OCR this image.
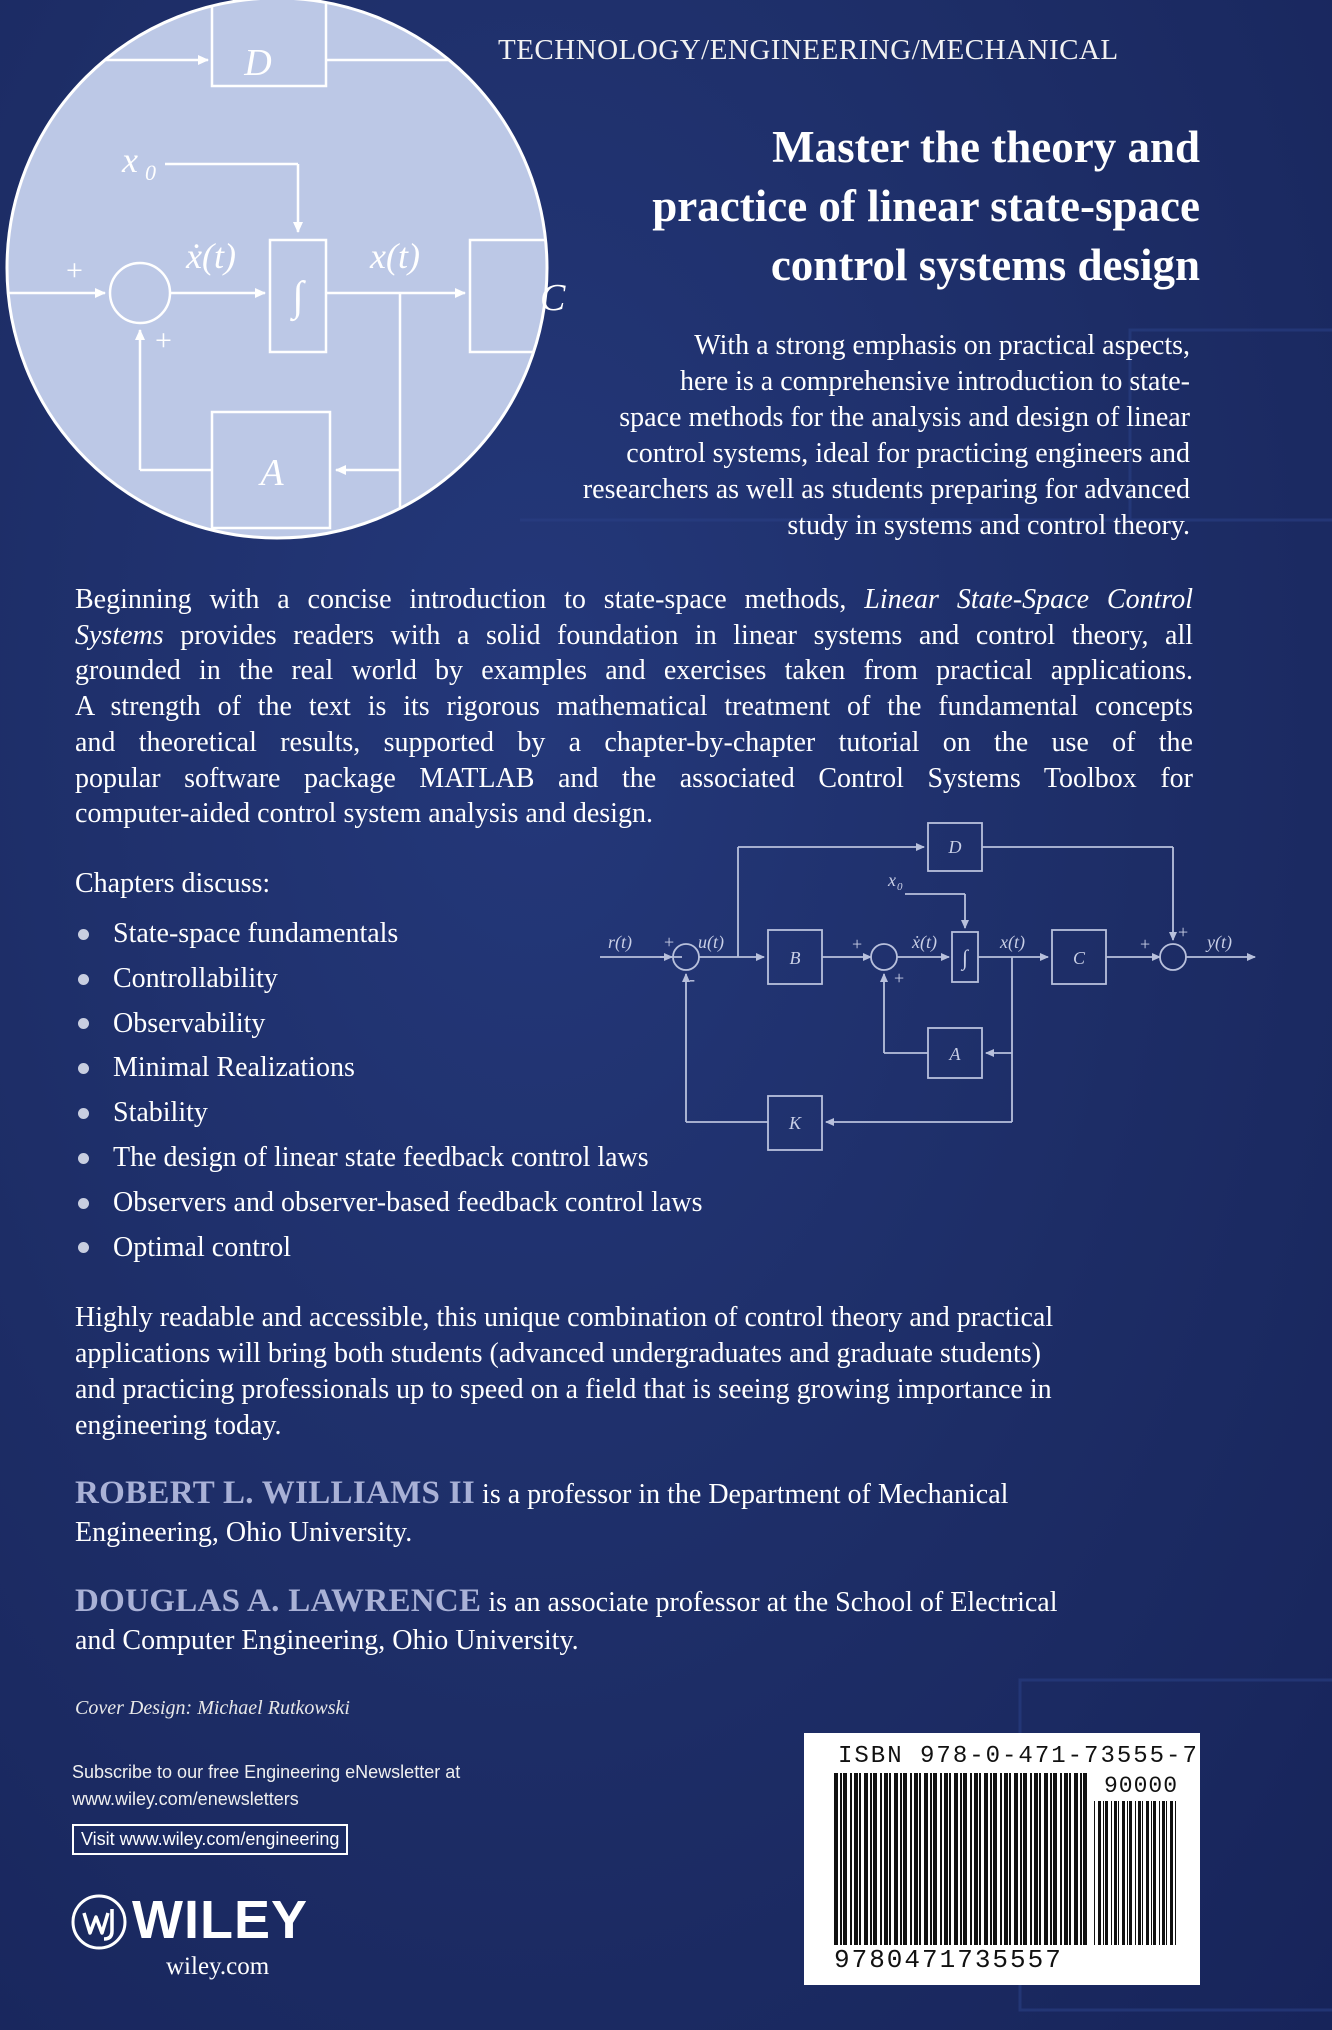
D
x 0
ẋ(t)	x(t)
∫	C
A
+
+
TECHNOLOGY/ENGINEERING/MECHANICAL
Master the theory and
practice of linear state-space
control systems design
With a strong emphasis on practical aspects,
here is a comprehensive introduction to state-
space methods for the analysis and design of linear
control systems, ideal for practicing engineers and
researchers as well as students preparing for advanced
study in systems and control theory.
Beginning with a concise introduction to state-space methods, Linear State-Space Control
Systems provides readers with a solid foundation in linear systems and control theory, all
grounded in the real world by examples and exercises taken from practical applications.
A strength of the text is its rigorous mathematical treatment of the fundamental concepts
and theoretical results, supported by a chapter-by-chapter tutorial on the use of the
popular software package MATLAB and the associated Control Systems Toolbox for
computer-aided control system analysis and design.
Chapters discuss:
State-space fundamentals
Controllability
Observability
Minimal Realizations
Stability
The design of linear state feedback control laws
Observers and observer-based feedback control laws
Optimal control
r(t)	u(t)
B
x 0
ẋ(t)
∫
x(t)
C
D
A
K
y(t)
+
-
+
+
+
+
Highly readable and accessible, this unique combination of control theory and practical
applications will bring both students (advanced undergraduates and graduate students)
and practicing professionals up to speed on a field that is seeing growing importance in
engineering today.
ROBERT L. WILLIAMS II is a professor in the Department of Mechanical
Engineering, Ohio University.
DOUGLAS A. LAWRENCE is an associate professor at the School of Electrical
and Computer Engineering, Ohio University.
Cover Design: Michael Rutkowski
Subscribe to our free Engineering eNewsletter at
www.wiley.com/enewsletters
Visit www.wiley.com/engineering
WILEY
wiley.com
ISBN 978-0-471-73555-7
90000
9780471735557
